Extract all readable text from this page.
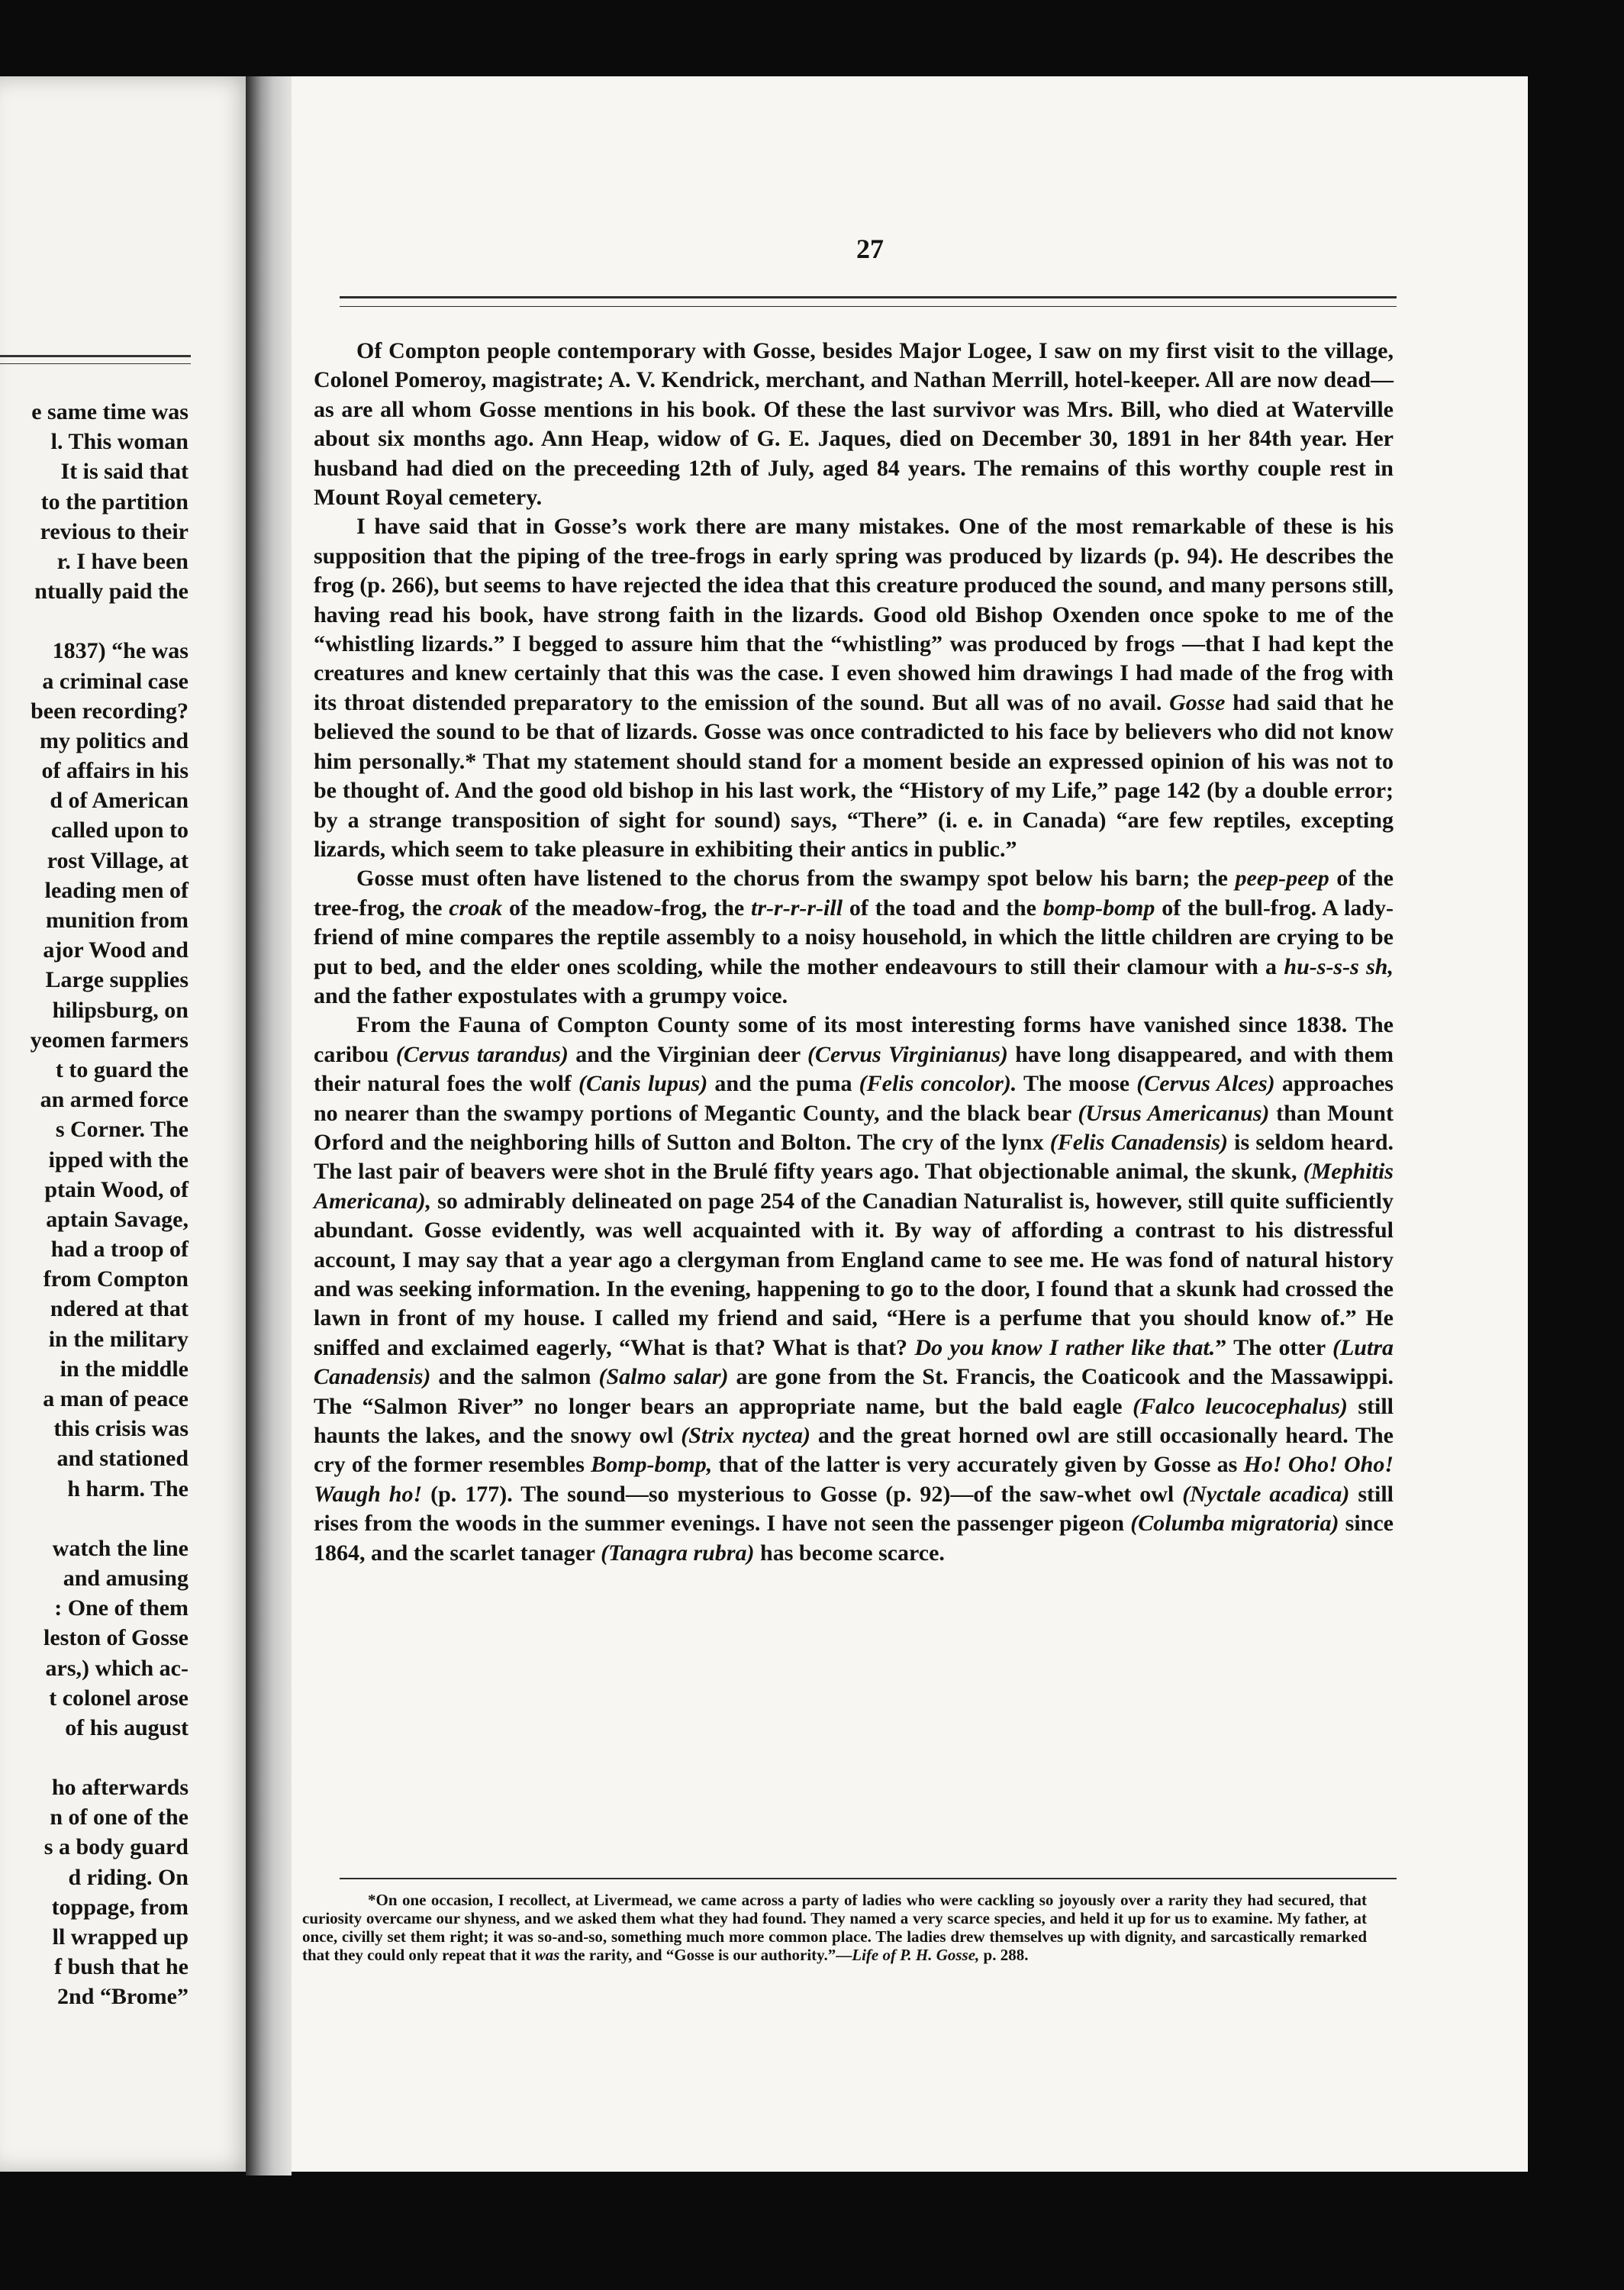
e same time was
l. This woman
It is said that
to the partition
revious to their
r. I have been
ntually paid the
1837) “he was
a criminal case
been recording?
my politics and
of affairs in his
d of American
called upon to
rost Village, at
leading men of
munition from
ajor Wood and
Large supplies
hilipsburg, on
yeomen farmers
t to guard the
an armed force
s Corner. The
ipped with the
ptain Wood, of
aptain Savage,
had a troop of
from Compton
ndered at that
in the military
in the middle
a man of peace
this crisis was
and stationed
h harm. The
watch the line
and amusing
: One of them
leston of Gosse
ars,) which ac-
t colonel arose
of his august
ho afterwards
n of one of the
s a body guard
d riding. On
toppage, from
ll wrapped up
f bush that he
2nd “Brome”
27

Of Compton people contemporary with Gosse, besides Major Logee, I saw on my first visit to the village, Colonel Pomeroy, magistrate; A. V. Kendrick, merchant, and Nathan Merrill, hotel-keeper. All are now dead—as are all whom Gosse mentions in his book. Of these the last survivor was Mrs. Bill, who died at Waterville about six months ago. Ann Heap, widow of G. E. Jaques, died on December 30, 1891 in her 84th year. Her husband had died on the preceeding 12th of July, aged 84 years. The remains of this worthy couple rest in Mount Royal cemetery.

I have said that in Gosse’s work there are many mistakes. One of the most remarkable of these is his supposition that the piping of the tree-frogs in early spring was produced by lizards (p. 94). He describes the frog (p. 266), but seems to have rejected the idea that this creature produced the sound, and many persons still, having read his book, have strong faith in the lizards. Good old Bishop Oxenden once spoke to me of the “whistling lizards.” I begged to assure him that the “whistling” was produced by frogs —that I had kept the creatures and knew certainly that this was the case. I even showed him drawings I had made of the frog with its throat distended preparatory to the emission of the sound. But all was of no avail. Gosse had said that he believed the sound to be that of lizards. Gosse was once contradicted to his face by believers who did not know him personally.* That my statement should stand for a moment beside an expressed opinion of his was not to be thought of. And the good old bishop in his last work, the “History of my Life,” page 142 (by a double error; by a strange transposition of sight for sound) says, “There” (i. e. in Canada) “are few reptiles, excepting lizards, which seem to take pleasure in exhibiting their antics in public.”

Gosse must often have listened to the chorus from the swampy spot below his barn; the peep-peep of the tree-frog, the croak of the meadow-frog, the tr-r-r-r-ill of the toad and the bomp-bomp of the bull-frog. A lady-friend of mine compares the reptile assembly to a noisy household, in which the little children are crying to be put to bed, and the elder ones scolding, while the mother endeavours to still their clamour with a hu-s-s-s sh, and the father expostulates with a grumpy voice.

From the Fauna of Compton County some of its most interesting forms have vanished since 1838. The caribou (Cervus tarandus) and the Virginian deer (Cervus Virginianus) have long disappeared, and with them their natural foes the wolf (Canis lupus) and the puma (Felis concolor). The moose (Cervus Alces) approaches no nearer than the swampy portions of Megantic County, and the black bear (Ursus Americanus) than Mount Orford and the neighboring hills of Sutton and Bolton. The cry of the lynx (Felis Canadensis) is seldom heard. The last pair of beavers were shot in the Brulé fifty years ago. That objectionable animal, the skunk, (Mephitis Americana), so admirably delineated on page 254 of the Canadian Naturalist is, however, still quite sufficiently abundant. Gosse evidently, was well acquainted with it. By way of affording a contrast to his distressful account, I may say that a year ago a clergyman from England came to see me. He was fond of natural history and was seeking information. In the evening, happening to go to the door, I found that a skunk had crossed the lawn in front of my house. I called my friend and said, “Here is a perfume that you should know of.” He sniffed and exclaimed eagerly, “What is that? What is that? Do you know I rather like that.” The otter (Lutra Canadensis) and the salmon (Salmo salar) are gone from the St. Francis, the Coaticook and the Massawippi. The “Salmon River” no longer bears an appropriate name, but the bald eagle (Falco leucocephalus) still haunts the lakes, and the snowy owl (Strix nyctea) and the great horned owl are still occasionally heard. The cry of the former resembles Bomp-bomp, that of the latter is very accurately given by Gosse as Ho! Oho! Oho! Waugh ho! (p. 177). The sound—so mysterious to Gosse (p. 92)—of the saw-whet owl (Nyctale acadica) still rises from the woods in the summer evenings. I have not seen the passenger pigeon (Columba migratoria) since 1864, and the scarlet tanager (Tanagra rubra) has become scarce.

*On one occasion, I recollect, at Livermead, we came across a party of ladies who were cackling so joyously over a rarity they had secured, that curiosity overcame our shyness, and we asked them what they had found. They named a very scarce species, and held it up for us to examine. My father, at once, civilly set them right; it was so-and-so, something much more common place. The ladies drew themselves up with dignity, and sarcastically remarked that they could only repeat that it was the rarity, and “Gosse is our authority.”—Life of P. H. Gosse, p. 288.
